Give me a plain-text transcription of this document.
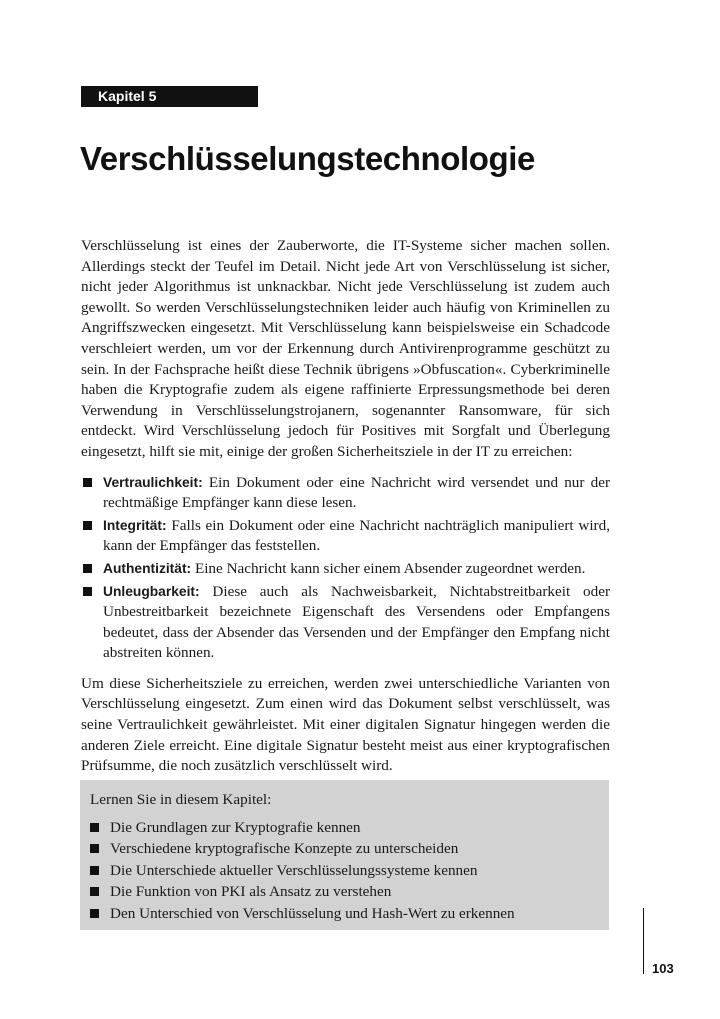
Kapitel 5
Verschlüsselungstechnologie

Verschlüsselung ist eines der Zauberworte, die IT-Systeme sicher machen sollen. Allerdings steckt der Teufel im Detail. Nicht jede Art von Verschlüsselung ist sicher, nicht jeder Algorithmus ist unknackbar. Nicht jede Verschlüsselung ist zudem auch gewollt. So werden Verschlüsselungstechniken leider auch häufig von Kriminellen zu Angriffszwecken eingesetzt. Mit Verschlüsselung kann beispielsweise ein Schadcode verschleiert werden, um vor der Erkennung durch Antivirenprogramme geschützt zu sein. In der Fachsprache heißt diese Technik übrigens »Obfuscation«. Cyberkriminelle haben die Kryptografie zudem als eigene raffinierte Erpressungsmethode bei deren Verwendung in Verschlüsselungstrojanern, sogenannter Ransomware, für sich entdeckt. Wird Verschlüsselung jedoch für Positives mit Sorgfalt und Überlegung eingesetzt, hilft sie mit, einige der großen Sicherheitsziele in der IT zu erreichen:

Vertraulichkeit: Ein Dokument oder eine Nachricht wird versendet und nur der rechtmäßige Empfänger kann diese lesen.
Integrität: Falls ein Dokument oder eine Nachricht nachträglich manipuliert wird, kann der Empfänger das feststellen.
Authentizität: Eine Nachricht kann sicher einem Absender zugeordnet werden.
Unleugbarkeit: Diese auch als Nachweisbarkeit, Nichtabstreitbarkeit oder Unbestreitbarkeit bezeichnete Eigenschaft des Versendens oder Empfangens bedeutet, dass der Absender das Versenden und der Empfänger den Empfang nicht abstreiten können.

Um diese Sicherheitsziele zu erreichen, werden zwei unterschiedliche Varianten von Verschlüsselung eingesetzt. Zum einen wird das Dokument selbst verschlüsselt, was seine Vertraulichkeit gewährleistet. Mit einer digitalen Signatur hingegen werden die anderen Ziele erreicht. Eine digitale Signatur besteht meist aus einer kryptografischen Prüfsumme, die noch zusätzlich verschlüsselt wird.

Lernen Sie in diesem Kapitel:

Die Grundlagen zur Kryptografie kennen
Verschiedene kryptografische Konzepte zu unterscheiden
Die Unterschiede aktueller Verschlüsselungssysteme kennen
Die Funktion von PKI als Ansatz zu verstehen
Den Unterschied von Verschlüsselung und Hash-Wert zu erkennen
103
